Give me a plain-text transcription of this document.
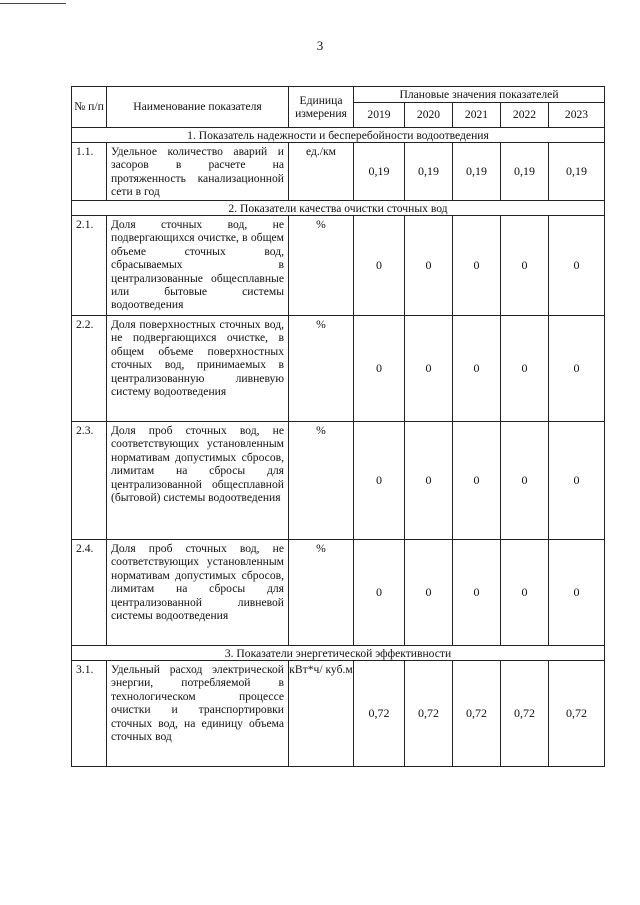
3
№ п/п	Наименование показателя	Единица измерения	Плановые значения показателей				
			2019	2020	2021	2022	2023
1. Показатель надежности и бесперебойности водоотведения							
1.1.	Удельное количество аварий и засоров в расчете на протяженность канализационной сети в год	ед./км	0,19	0,19	0,19	0,19	0,19
2. Показатели качества очистки сточных вод							
2.1.	Доля сточных вод, не подвергающихся очистке, в общем объеме сточных вод, сбрасываемых в централизованные общесплавные или бытовые системы водоотведения	%	0	0	0	0	0
2.2.	Доля поверхностных сточных вод, не подвергающихся очистке, в общем объеме поверхностных сточных вод, принимаемых в централизованную ливневую систему водоотведения	%	0	0	0	0	0
2.3.	Доля проб сточных вод, не соответствующих установленным нормативам допустимых сбросов, лимитам на сбросы для централизованной общесплавной (бытовой) системы водоотведения	%	0	0	0	0	0
2.4.	Доля проб сточных вод, не соответствующих установленным нормативам допустимых сбросов, лимитам на сбросы для централизованной ливневой системы водоотведения	%	0	0	0	0	0
3. Показатели энергетической эффективности							
3.1.	Удельный расход электрической энергии, потребляемой в технологическом процессе очистки и транспортировки сточных вод, на единицу объема сточных вод	кВт*ч/ куб.м	0,72	0,72	0,72	0,72	0,72
